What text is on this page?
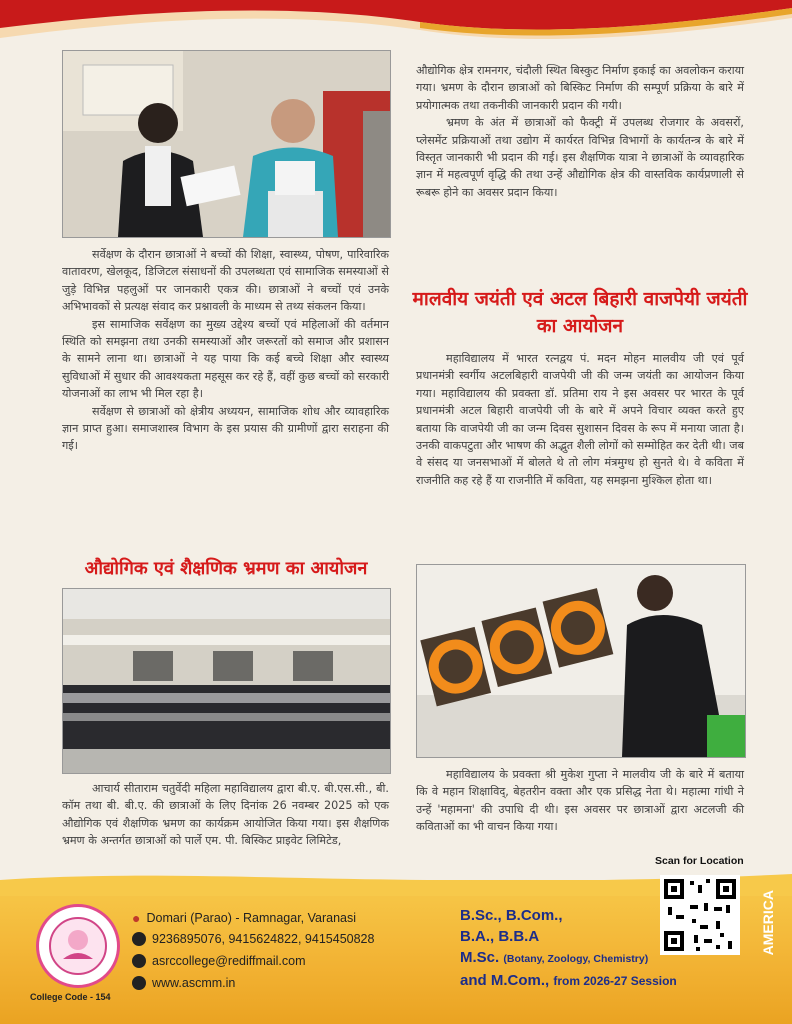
सर्वेक्षण के दौरान छात्राओं ने बच्चों की शिक्षा, स्वास्थ्य, पोषण, पारिवारिक वातावरण, खेलकूद, डिजिटल संसाधनों की उपलब्धता एवं सामाजिक समस्याओं से जुड़े विभिन्न पहलुओं पर जानकारी एकत्र की। छात्राओं ने बच्चों एवं उनके अभिभावकों से प्रत्यक्ष संवाद कर प्रश्नावली के माध्यम से तथ्य संकलन किया।

इस सामाजिक सर्वेक्षण का मुख्य उद्देश्य बच्चों एवं महिलाओं की वर्तमान स्थिति को समझना तथा उनकी समस्याओं और जरूरतों को समाज और प्रशासन के सामने लाना था। छात्राओं ने यह पाया कि कई बच्चे शिक्षा और स्वास्थ्य सुविधाओं में सुधार की आवश्यकता महसूस कर रहे हैं, वहीं कुछ बच्चों को सरकारी योजनाओं का लाभ भी मिल रहा है।

सर्वेक्षण से छात्राओं को क्षेत्रीय अध्ययन, सामाजिक शोध और व्यावहारिक ज्ञान प्राप्त हुआ। समाजशास्त्र विभाग के इस प्रयास की ग्रामीणों द्वारा सराहना की गई।

औद्योगिक एवं शैक्षणिक भ्रमण का आयोजन

आचार्य सीताराम चतुर्वेदी महिला महाविद्यालय द्वारा बी.ए. बी.एस.सी., बी. कॉम तथा बी. बी.ए. की छात्राओं के लिए दिनांक 26 नवम्बर 2025 को एक औद्योगिक एवं शैक्षणिक भ्रमण का कार्यक्रम आयोजित किया गया। इस शैक्षणिक भ्रमण के अन्तर्गत छात्राओं को पार्ले एम. पी. बिस्किट प्राइवेट लिमिटेड,

औद्योगिक क्षेत्र रामनगर, चंदौली स्थित बिस्कुट निर्माण इकाई का अवलोकन कराया गया। भ्रमण के दौरान छात्राओं को बिस्किट निर्माण की सम्पूर्ण प्रक्रिया के बारे में प्रयोगात्मक तथा तकनीकी जानकारी प्रदान की गयी।

भ्रमण के अंत में छात्राओं को फैक्ट्री में उपलब्ध रोजगार के अवसरों, प्लेसमेंट प्रक्रियाओं तथा उद्योग में कार्यरत विभिन्न विभागों के कार्यतन्त्र के बारे में विस्तृत जानकारी भी प्रदान की गई। इस शैक्षणिक यात्रा ने छात्राओं के व्यावहारिक ज्ञान में महत्वपूर्ण वृद्धि की तथा उन्हें औद्योगिक क्षेत्र की वास्तविक कार्यप्रणाली से रूबरू होने का अवसर प्रदान किया।

मालवीय जयंती एवं अटल बिहारी वाजपेयी जयंती का आयोजन

महाविद्यालय में भारत रत्नद्वय पं. मदन मोहन मालवीय जी एवं पूर्व प्रधानमंत्री स्वर्गीय अटलबिहारी वाजपेयी जी की जन्म जयंती का आयोजन किया गया। महाविद्यालय की प्रवक्ता डॉ. प्रतिमा राय ने इस अवसर पर भारत के पूर्व प्रधानमंत्री अटल बिहारी वाजपेयी जी के बारे में अपने विचार व्यक्त करते हुए बताया कि वाजपेयी जी का जन्म दिवस सुशासन दिवस के रूप में मनाया जाता है। उनकी वाकपटुता और भाषण की अद्भुत शैली लोगों को सम्मोहित कर देती थी। जब वे संसद या जनसभाओं में बोलते थे तो लोग मंत्रमुग्ध हो सुनते थे। वे कविता में राजनीति कह रहे हैं या राजनीति में कविता, यह समझना मुश्किल होता था।

महाविद्यालय के प्रवक्ता श्री मुकेश गुप्ता ने मालवीय जी के बारे में बताया कि वे महान शिक्षाविद्, बेहतरीन वक्ता और एक प्रसिद्ध नेता थे। महात्मा गांधी ने उन्हें 'महामना' की उपाधि दी थी। इस अवसर पर छात्राओं द्वारा अटलजी की कविताओं का भी वाचन किया गया।

Scan for Location
College Code - 154
● Domari (Parao) - Ramnagar, Varanasi
9236895076, 9415624822, 9415450828
asrccollege@rediffmail.com
www.ascmm.in
AMERICA
B.Sc., B.Com.,
B.A., B.B.A
M.Sc. (Botany, Zoology, Chemistry)
and M.Com., from 2026-27 Session
